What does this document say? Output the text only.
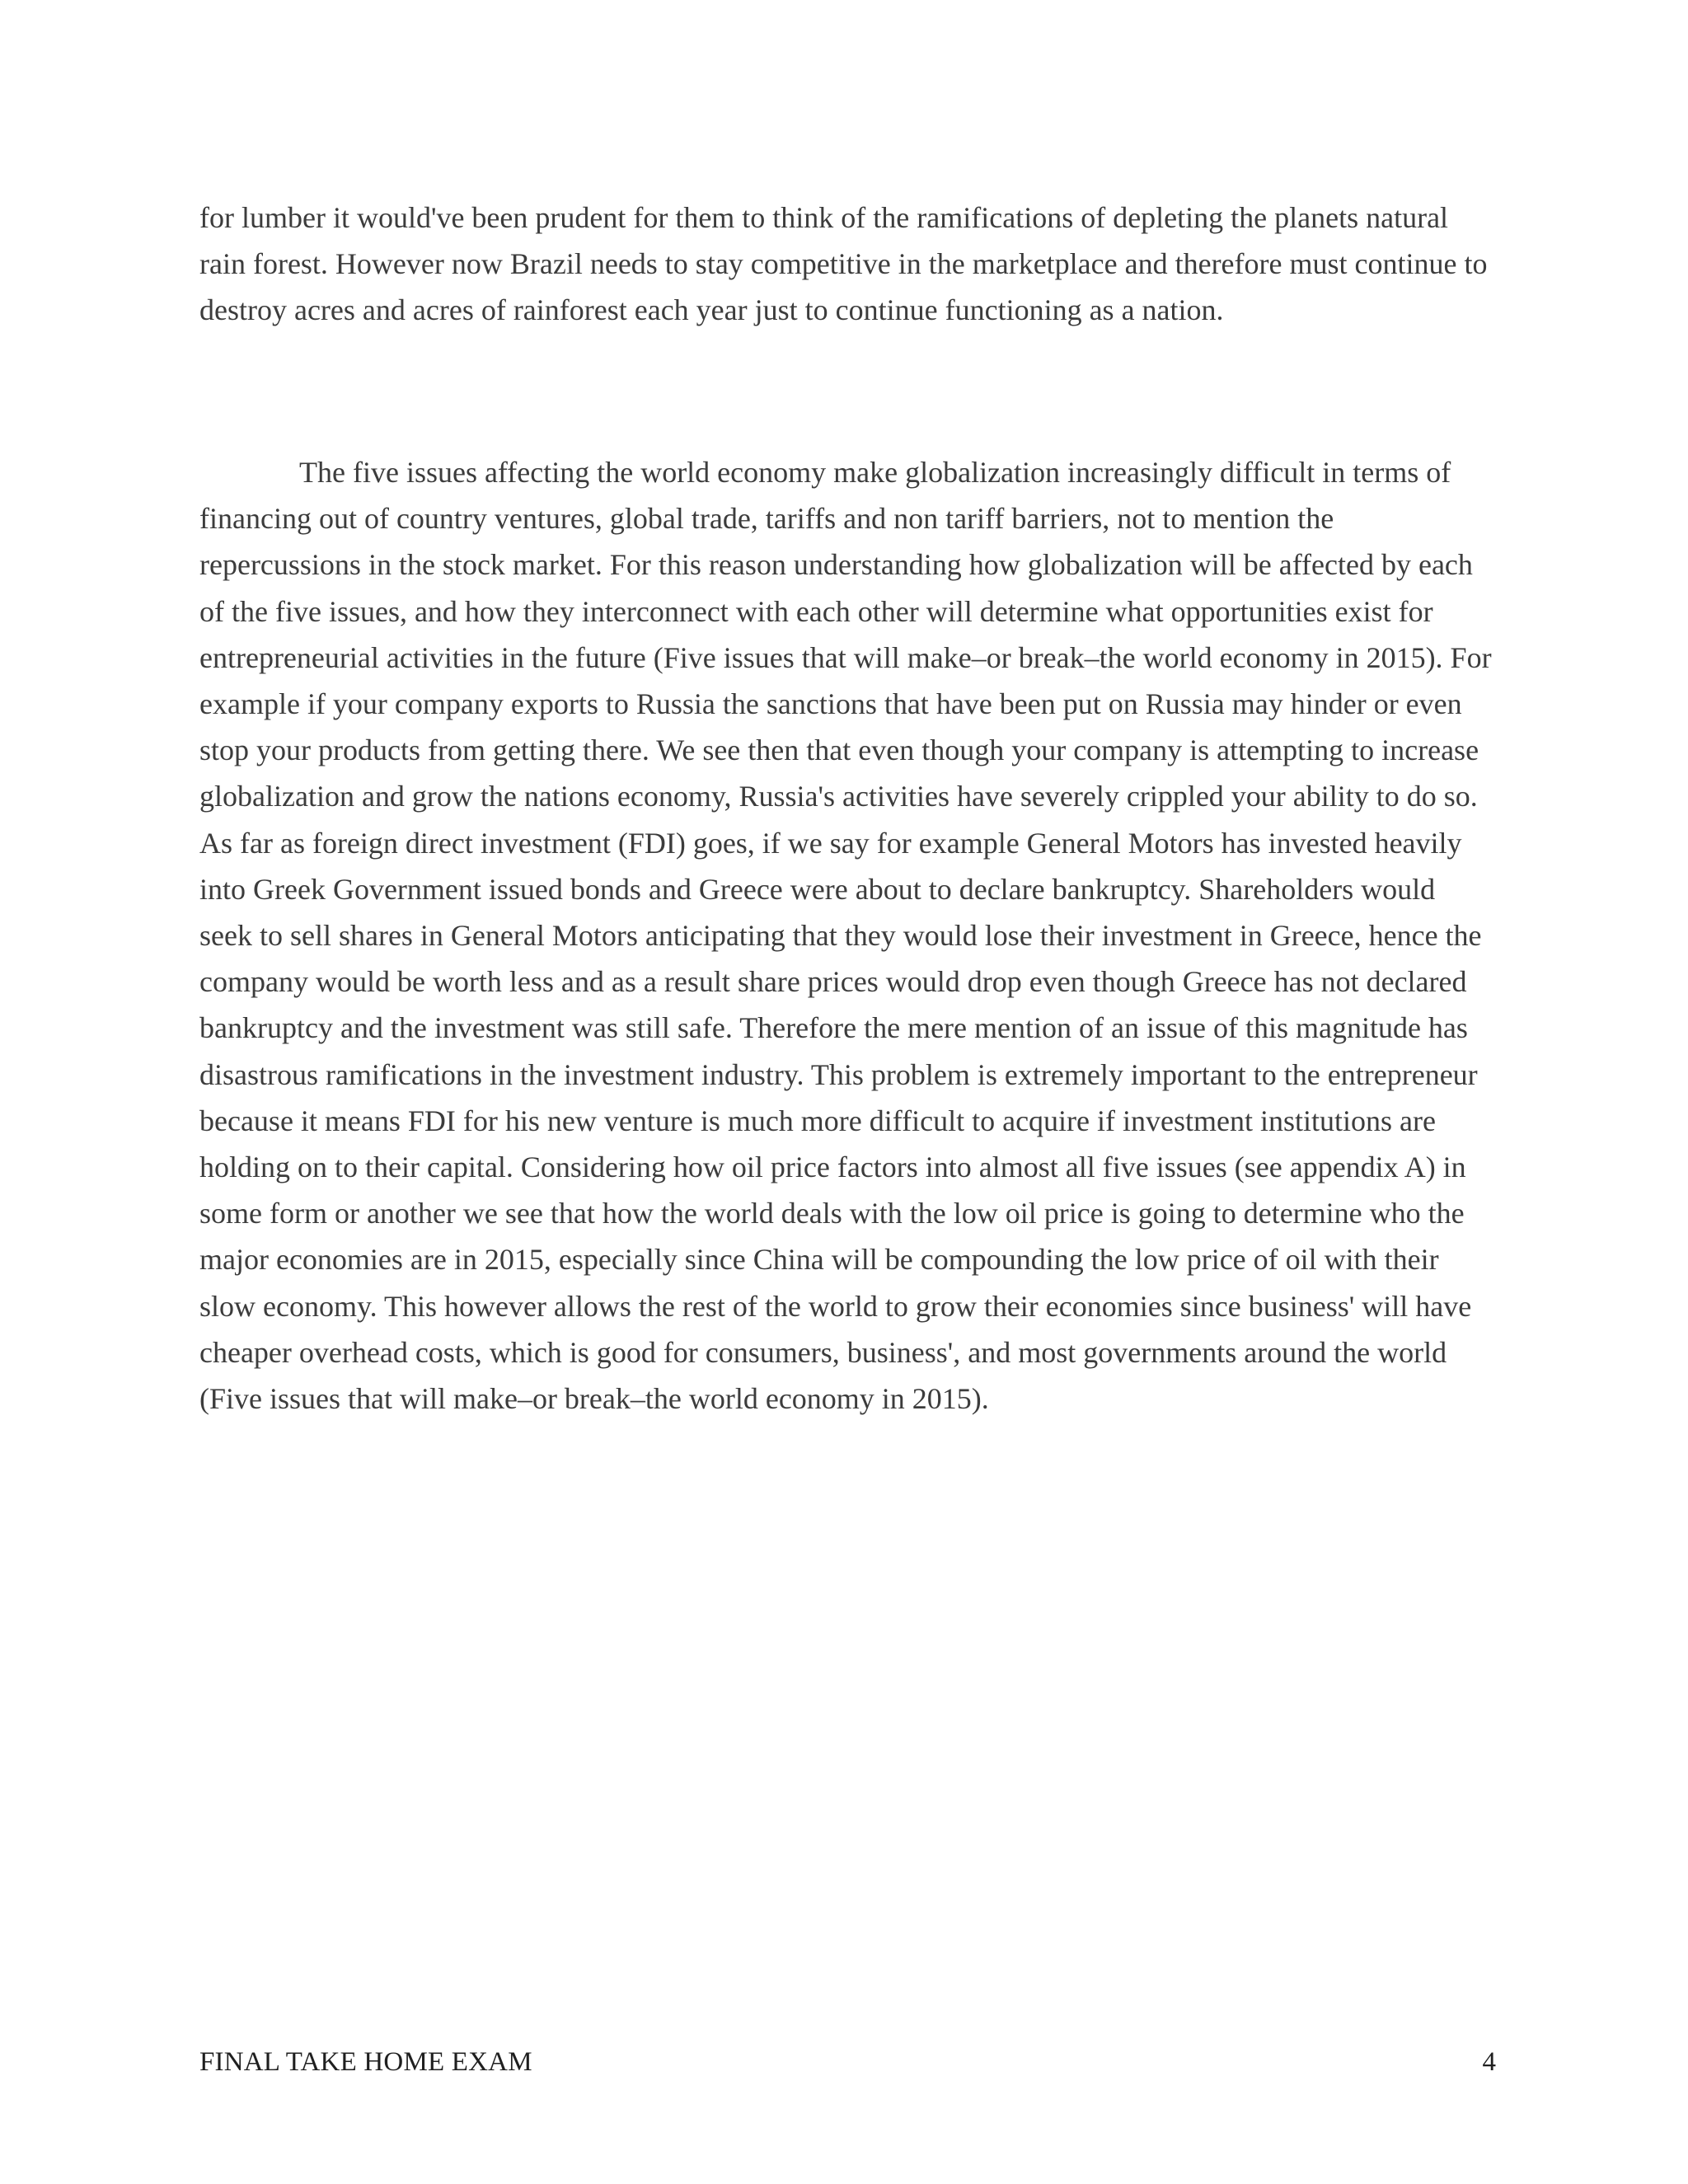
for lumber it would've been prudent for them to think of the ramifications of depleting the planets natural rain forest. However now Brazil needs to stay competitive in the marketplace and therefore must continue to destroy acres and acres of rainforest each year just to continue functioning as a nation.
The five issues affecting the world economy make globalization increasingly difficult in terms of financing out of country ventures, global trade, tariffs and non tariff barriers, not to mention the repercussions in the stock market. For this reason understanding how globalization will be affected by each of the five issues, and how they interconnect with each other will determine what opportunities exist for entrepreneurial activities in the future (Five issues that will make–or break–the world economy in 2015). For example if your company exports to Russia the sanctions that have been put on Russia may hinder or even stop your products from getting there. We see then that even though your company is attempting to increase globalization and grow the nations economy, Russia's activities have severely crippled your ability to do so. As far as foreign direct investment (FDI) goes, if we say for example General Motors has invested heavily into Greek Government issued bonds and Greece were about to declare bankruptcy. Shareholders would seek to sell shares in General Motors anticipating that they would lose their investment in Greece, hence the company would be worth less and as a result share prices would drop even though Greece has not declared bankruptcy and the investment was still safe. Therefore the mere mention of an issue of this magnitude has disastrous ramifications in the investment industry. This problem is extremely important to the entrepreneur because it means FDI for his new venture is much more difficult to acquire if investment institutions are holding on to their capital. Considering how oil price factors into almost all five issues (see appendix A) in some form or another we see that how the world deals with the low oil price is going to determine who the major economies are in 2015, especially since China will be compounding the low price of oil with their slow economy. This however allows the rest of the world to grow their economies since business' will have cheaper overhead costs, which is good for consumers, business', and most governments around the world (Five issues that will make–or break–the world economy in 2015).
FINAL TAKE HOME EXAM	4
